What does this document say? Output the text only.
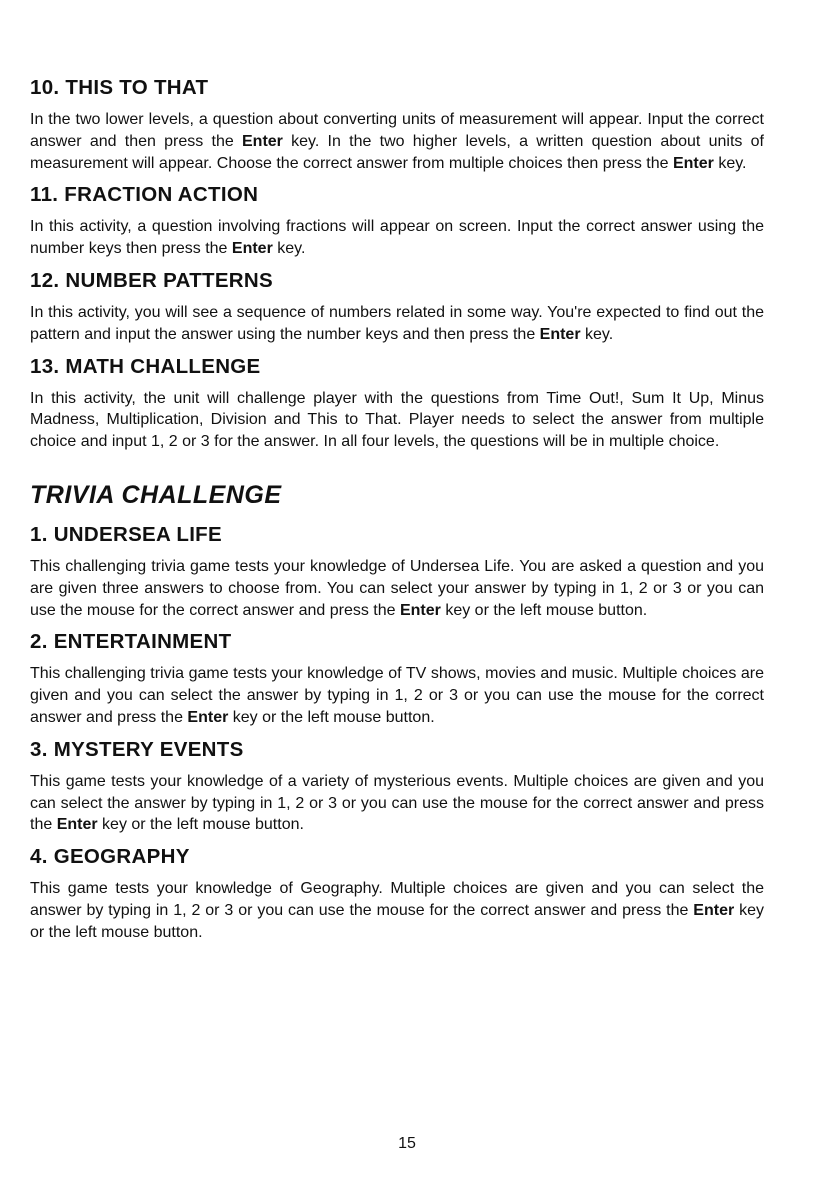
10. THIS TO THAT

In the two lower levels, a question about converting units of measurement will appear. Input the correct answer and then press the Enter key. In the two higher levels, a written question about units of measurement will appear. Choose the correct answer from multiple choices then press the Enter key.

11. FRACTION ACTION

In this activity, a question involving fractions will appear on screen. Input the correct answer using the number keys then press the Enter key.

12. NUMBER PATTERNS

In this activity, you will see a sequence of numbers related in some way. You're expected to find out the pattern and input the answer using the number keys and then press the Enter key.

13. MATH CHALLENGE

In this activity, the unit will challenge player with the questions from Time Out!, Sum It Up, Minus Madness, Multiplication, Division and This to That. Player needs to select the answer from multiple choice and input 1, 2 or 3 for the answer. In all four levels, the questions will be in multiple choice.

TRIVIA CHALLENGE
1. UNDERSEA LIFE

This challenging trivia game tests your knowledge of Undersea Life. You are asked a question and you are given three answers to choose from. You can select your answer by typing in 1, 2 or 3 or you can use the mouse for the correct answer and press the Enter key or the left mouse button.

2. ENTERTAINMENT

This challenging trivia game tests your knowledge of TV shows, movies and music. Multiple choices are given and you can select the answer by typing in 1, 2 or 3 or you can use the mouse for the correct answer and press the Enter key or the left mouse button.

3. MYSTERY EVENTS

This game tests your knowledge of a variety of mysterious events. Multiple choices are given and you can select the answer by typing in 1, 2 or 3 or you can use the mouse for the correct answer and press the Enter key or the left mouse button.

4. GEOGRAPHY

This game tests your knowledge of Geography. Multiple choices are given and you can select the answer by typing in 1, 2 or 3 or you can use the mouse for the correct answer and press the Enter key or the left mouse button.

15
